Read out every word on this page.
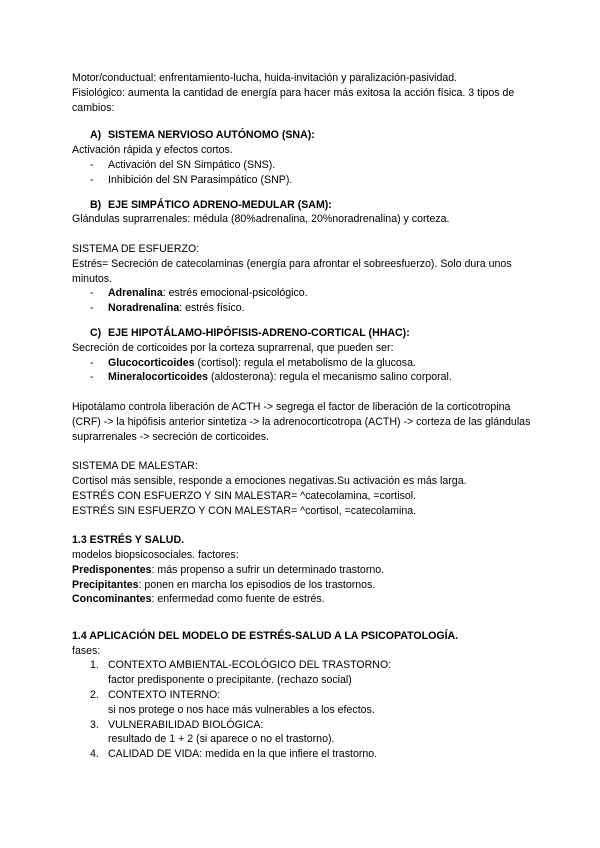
Motor/conductual: enfrentamiento-lucha, huida-invitación y paralización-pasividad.

Fisiológico: aumenta la cantidad de energía para hacer más exitosa la acción física. 3 tipos de cambios:

A) SISTEMA NERVIOSO AUTÓNOMO (SNA):

Activación rápida y efectos cortos.

- Activación del SN Simpático (SNS).
- Inhibición del SN Parasimpático (SNP).
B) EJE SIMPÁTICO ADRENO-MEDULAR (SAM):

Glándulas suprarrenales: médula (80%adrenalina, 20%noradrenalina) y corteza.

SISTEMA DE ESFUERZO:

Estrés= Secreción de catecolaminas (energía para afrontar el sobreesfuerzo). Solo dura unos minutos.

- Adrenalina: estrés emocional-psicológico.
- Noradrenalina: estrés físico.
C) EJE HIPOTÁLAMO-HIPÓFISIS-ADRENO-CORTICAL (HHAC):

Secreción de corticoides por la corteza suprarrenal, que pueden ser:

- Glucocorticoides (cortisol): regula el metabolismo de la glucosa.
- Mineralocorticoides (aldosterona): regula el mecanismo salino corporal.

Hipotálamo controla liberación de ACTH -> segrega el factor de liberación de la corticotropina (CRF) -> la hipófisis anterior sintetiza -> la adrenocorticotropa (ACTH) -> corteza de las glándulas suprarrenales -> secreción de corticoides.

SISTEMA DE MALESTAR:

Cortisol más sensible, responde a emociones negativas.Su activación es más larga.

ESTRÉS CON ESFUERZO Y SIN MALESTAR= ^catecolamina, =cortisol.

ESTRÉS SIN ESFUERZO Y CON MALESTAR= ^cortisol, =catecolamina.

1.3 ESTRÉS Y SALUD.

modelos biopsicosociales. factores:

Predisponentes: más propenso a sufrir un determinado trastorno.

Precipitantes: ponen en marcha los episodios de los trastornos.

Concominantes: enfermedad como fuente de estrés.

1.4 APLICACIÓN DEL MODELO DE ESTRÉS-SALUD A LA PSICOPATOLOGÍA.

fases:

1. CONTEXTO AMBIENTAL-ECOLÓGICO DEL TRASTORNO:
factor predisponente o precipitante. (rechazo social)
2. CONTEXTO INTERNO:
si nos protege o nos hace más vulnerables a los efectos.
3. VULNERABILIDAD BIOLÓGICA:
resultado de 1 + 2 (si aparece o no el trastorno).
4. CALIDAD DE VIDA: medida en la que infiere el trastorno.
